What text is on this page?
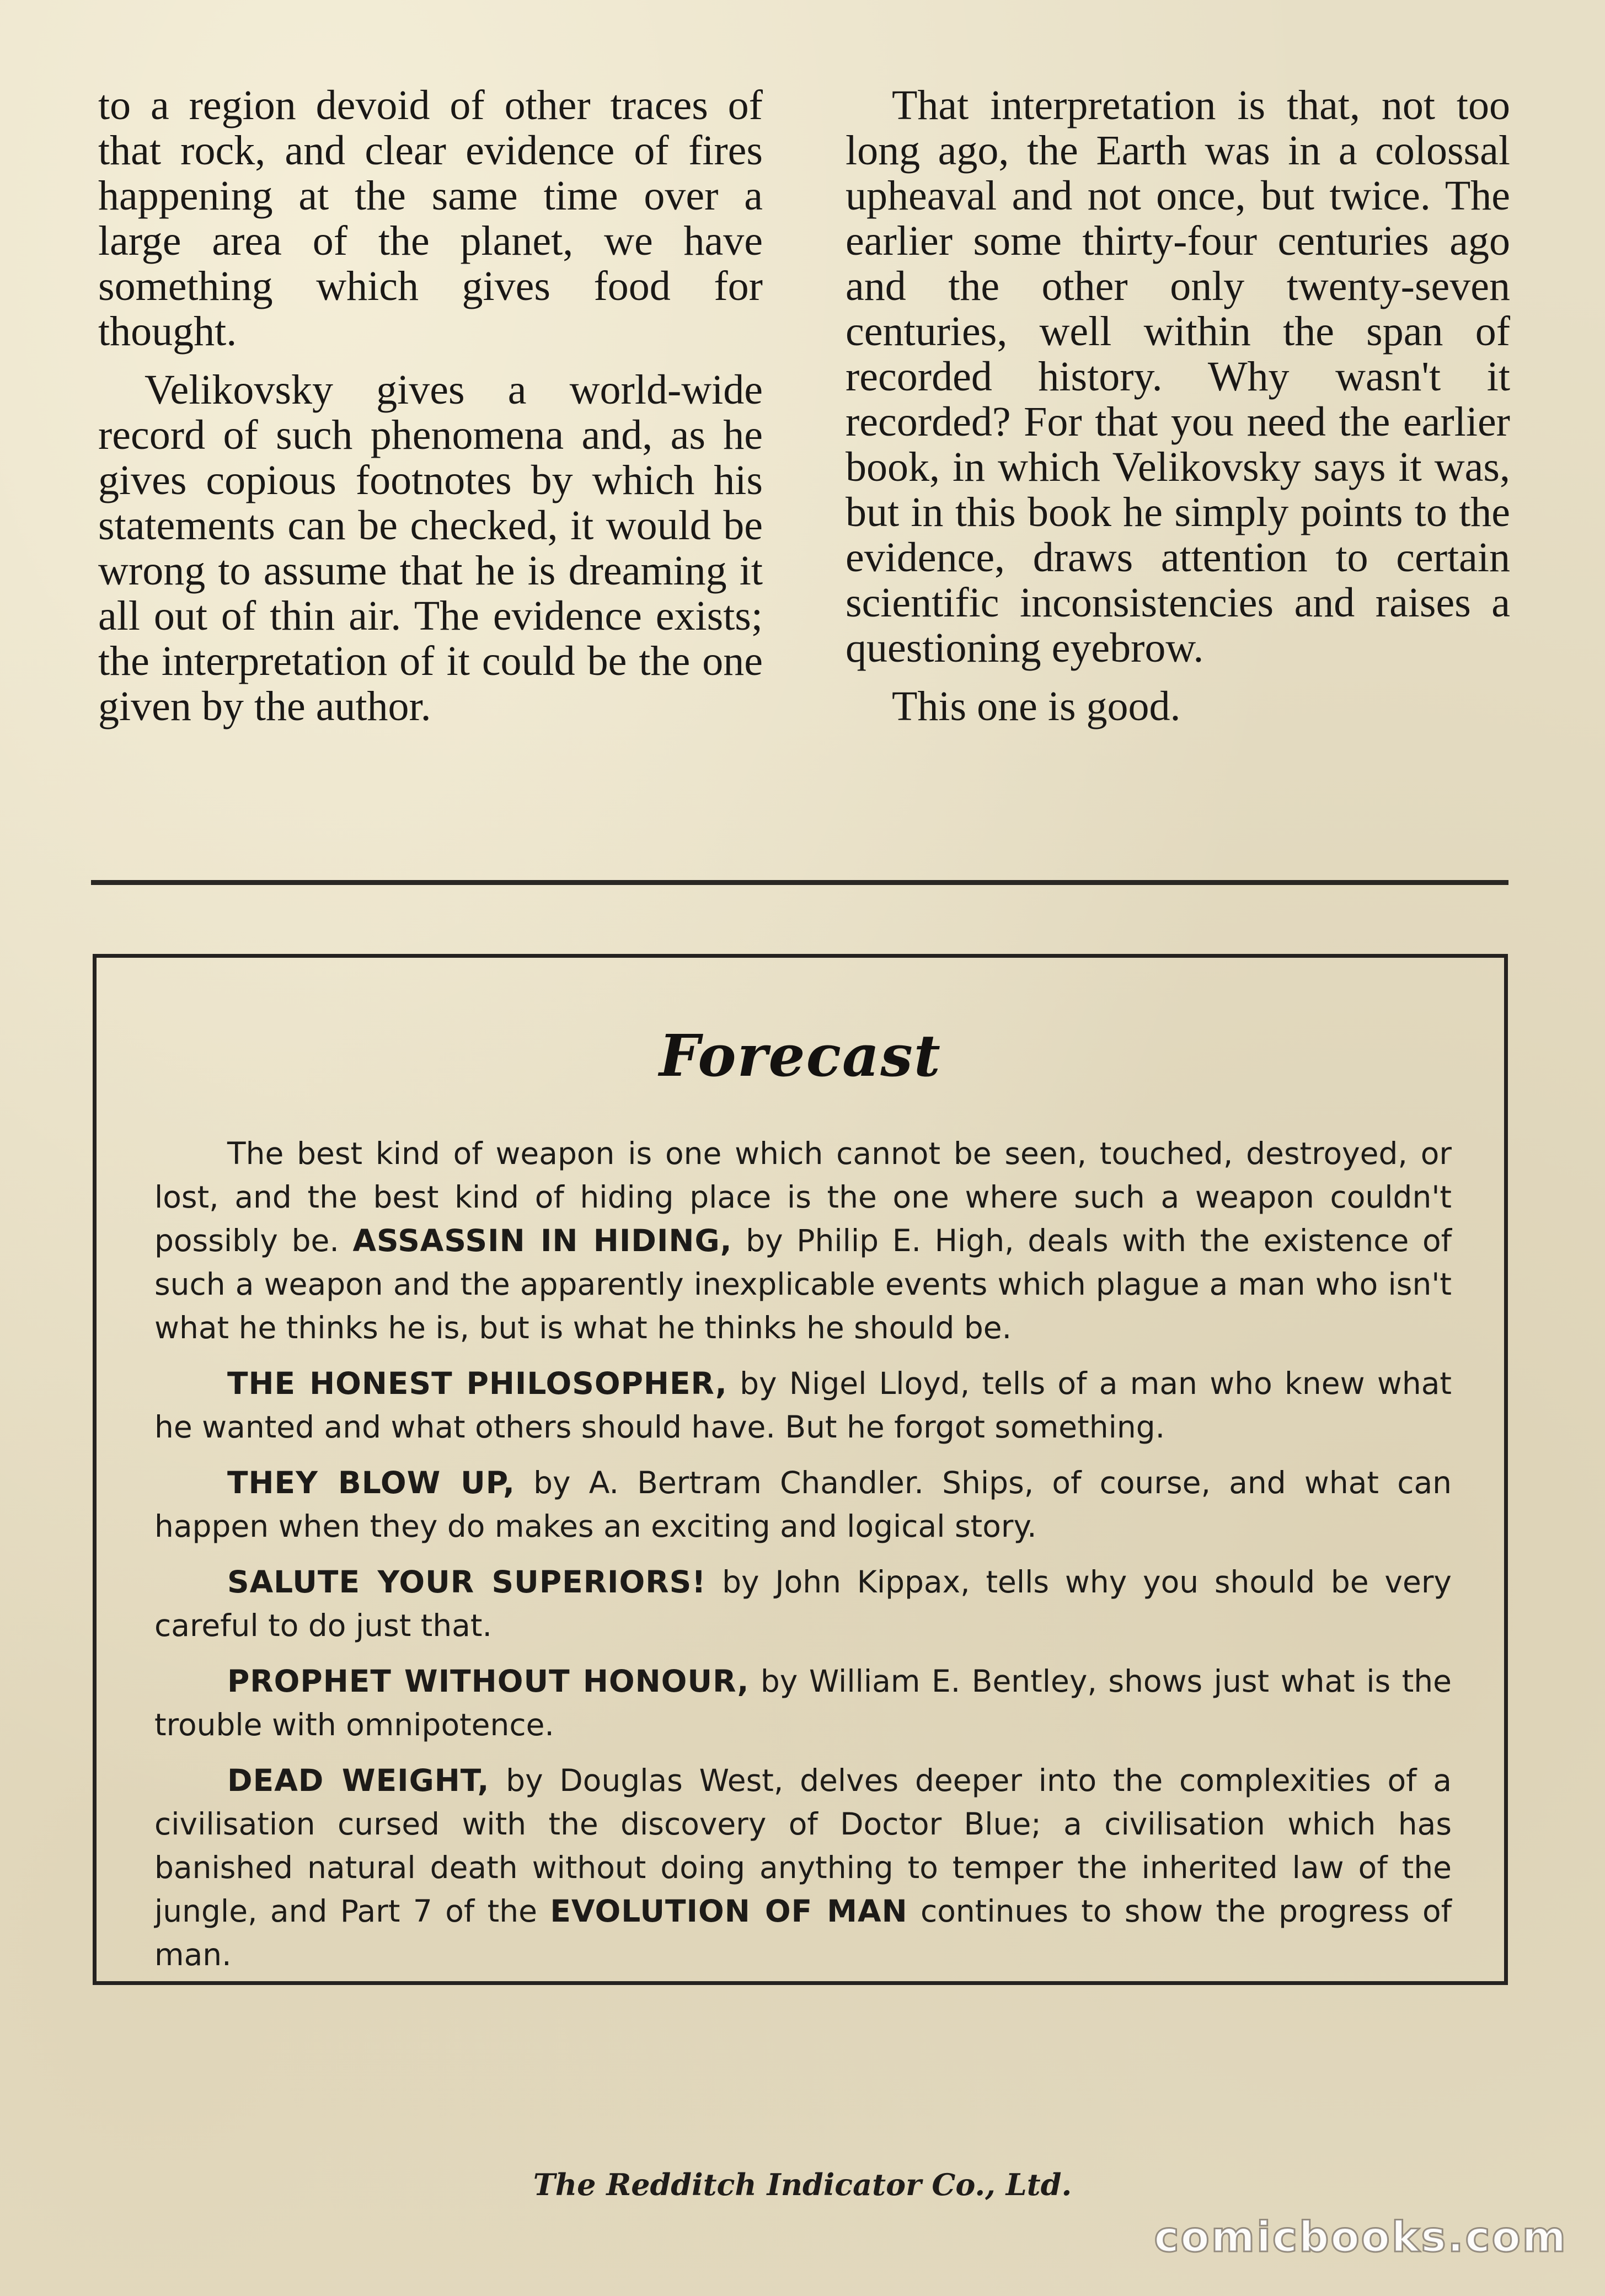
to a region devoid of other traces of that rock, and clear evidence of fires happening at the same time over a large area of the planet, we have something which gives food for thought.

Velikovsky gives a world-wide record of such phenomena and, as he gives copious footnotes by which his statements can be checked, it would be wrong to assume that he is dreaming it all out of thin air. The evidence exists; the interpretation of it could be the one given by the author.

That interpretation is that, not too long ago, the Earth was in a colossal upheaval and not once, but twice. The earlier some thirty-four centuries ago and the other only twenty-seven centuries, well within the span of recorded history. Why wasn't it recorded? For that you need the earlier book, in which Velikovsky says it was, but in this book he simply points to the evidence, draws attention to certain scientific inconsistencies and raises a questioning eyebrow.

This one is good.

Forecast

The best kind of weapon is one which cannot be seen, touched, destroyed, or lost, and the best kind of hiding place is the one where such a weapon couldn't possibly be. ASSASSIN IN HIDING, by Philip E. High, deals with the existence of such a weapon and the apparently inexplicable events which plague a man who isn't what he thinks he is, but is what he thinks he should be.

THE HONEST PHILOSOPHER, by Nigel Lloyd, tells of a man who knew what he wanted and what others should have. But he forgot something.

THEY BLOW UP, by A. Bertram Chandler. Ships, of course, and what can happen when they do makes an exciting and logical story.

SALUTE YOUR SUPERIORS! by John Kippax, tells why you should be very careful to do just that.

PROPHET WITHOUT HONOUR, by William E. Bentley, shows just what is the trouble with omnipotence.

DEAD WEIGHT, by Douglas West, delves deeper into the complexities of a civilisation cursed with the discovery of Doctor Blue; a civilisation which has banished natural death without doing anything to temper the inherited law of the jungle, and Part 7 of the EVOLUTION OF MAN continues to show the progress of man.

The Redditch Indicator Co., Ltd.
comicbooks.com
